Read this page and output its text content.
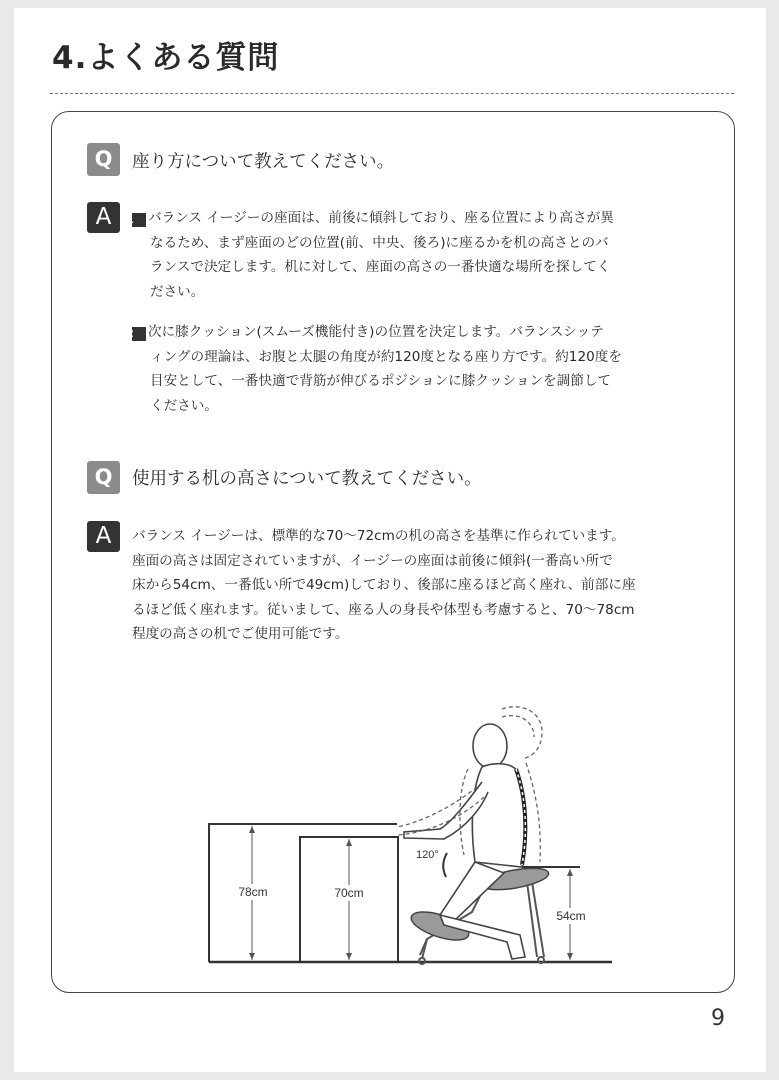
4.よくある質問
Q	座り方について教えてください。
A	1 バランス イージーの座面は、前後に傾斜しており、座る位置により高さが異
なるため、まず座面のどの位置(前、中央、後ろ)に座るかを机の高さとのバ
ランスで決定します。机に対して、座面の高さの一番快適な場所を探してく
ださい。
2 次に膝クッション(スムーズ機能付き)の位置を決定します。バランスシッテ
ィングの理論は、お腹と太腿の角度が約120度となる座り方です。約120度を
目安として、一番快適で背筋が伸びるポジションに膝クッションを調節して
ください。
Q	使用する机の高さについて教えてください。
A	バランス イージーは、標準的な70〜72cmの机の高さを基準に作られています。
座面の高さは固定されていますが、イージーの座面は前後に傾斜(一番高い所で
床から54cm、一番低い所で49cm)しており、後部に座るほど高く座れ、前部に座
るほど低く座れます。従いまして、座る人の身長や体型も考慮すると、70〜78cm
程度の高さの机でご使用可能です。
78cm	70cm
54cm
120°
9
